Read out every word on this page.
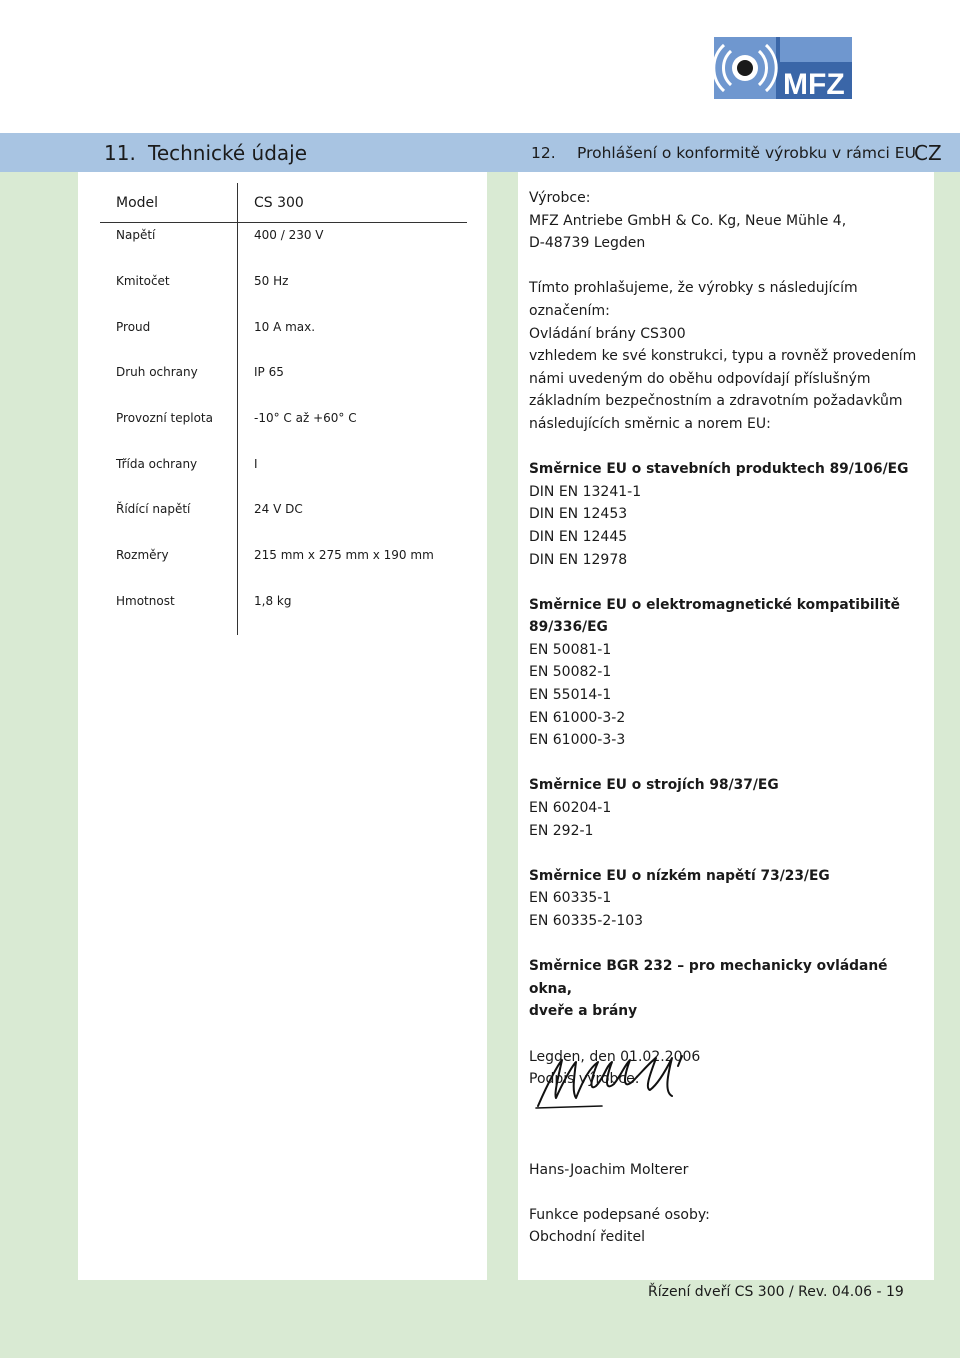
MFZ
11. Technické údaje	12. Prohlášení o konformitě výrobku v rámci EU
CZ
Model	CS 300
Napětí	400 / 230 V
Kmitočet	50 Hz
Proud	10 A max.
Druh ochrany	IP 65
Provozní teplota	-10° C až +60° C
Třída ochrany	I
Řídící napětí	24 V DC
Rozměry	215 mm x 275 mm x 190 mm
Hmotnost	1,8 kg

Výrobce:

MFZ Antriebe GmbH & Co. Kg, Neue Mühle 4,

D-48739 Legden

Tímto prohlašujeme, že výrobky s následujícím označením:

Ovládání brány CS300

vzhledem ke své konstrukci, typu a rovněž provedením

námi uvedeným do oběhu odpovídají příslušným

základním bezpečnostním a zdravotním požadavkům

následujících směrnic a norem EU:

Směrnice EU o stavebních produktech 89/106/EG

DIN EN 13241-1

DIN EN 12453

DIN EN 12445

DIN EN 12978

Směrnice EU o elektromagnetické kompatibilitě

89/336/EG

EN 50081-1

EN 50082-1

EN 55014-1

EN 61000-3-2

EN 61000-3-3

Směrnice EU o strojích 98/37/EG

EN 60204-1

EN 292-1

Směrnice EU o nízkém napětí 73/23/EG

EN 60335-1

EN 60335-2-103

Směrnice BGR 232 – pro mechanicky ovládané okna,

dveře a brány

Legden, den 01.02.2006

Podpis výrobce:

Hans-Joachim Molterer

Funkce podepsané osoby:

Obchodní ředitel

Řízení dveří CS 300 / Rev. 04.06 - 19
